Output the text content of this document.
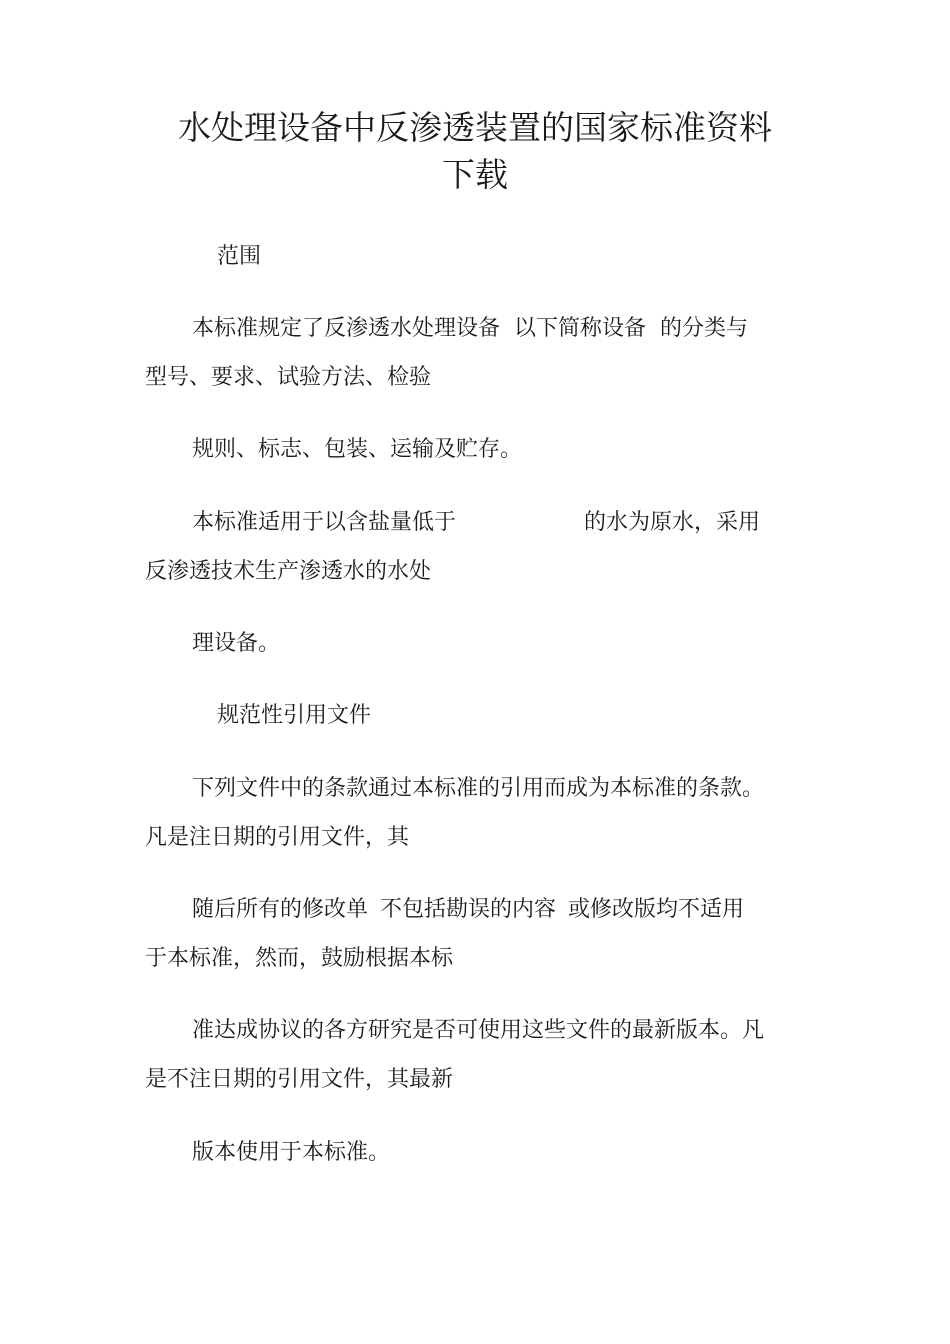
水处理设备中反渗透装置的国家标准资料
下载

范围

本标准规定了反渗透水处理设备 以下简称设备 的分类与

型号、要求、试验方法、检验

规则、标志、包装、运输及贮存。

本标准适用于以含盐量低于	的水为原水，采用

反渗透技术生产渗透水的水处

理设备。

规范性引用文件

下列文件中的条款通过本标准的引用而成为本标准的条款。

凡是注日期的引用文件，其

随后所有的修改单 不包括勘误的内容 或修改版均不适用

于本标准，然而，鼓励根据本标

准达成协议的各方研究是否可使用这些文件的最新版本。凡

是不注日期的引用文件，其最新

版本使用于本标准。
